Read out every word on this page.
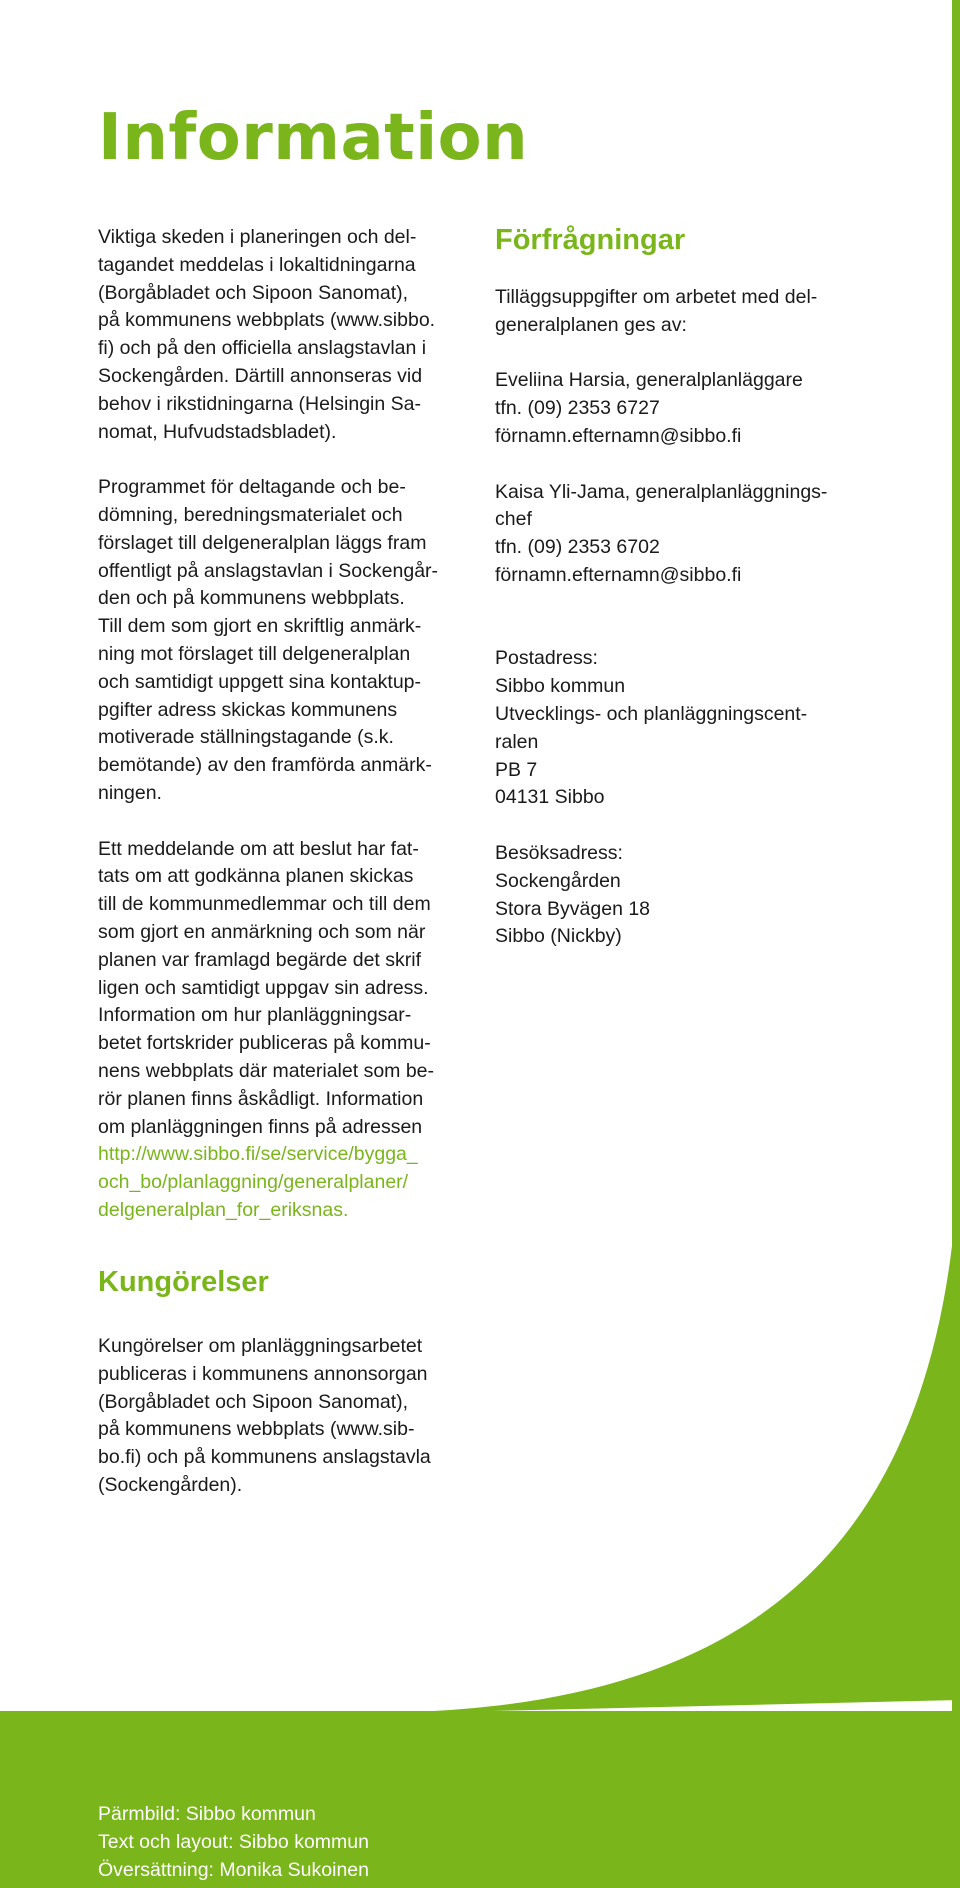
Information

Viktiga skeden i planeringen och del-

tagandet meddelas i lokaltidningarna

(Borgåbladet och Sipoon Sanomat),

på kommunens webbplats (www.sibbo.

fi) och på den officiella anslagstavlan i

Sockengården. Därtill annonseras vid

behov i rikstidningarna (Helsingin Sa-

nomat, Hufvudstadsbladet).

Programmet för deltagande och be-

dömning, beredningsmaterialet och

förslaget till delgeneralplan läggs fram

offentligt på anslagstavlan i Sockengår-

den och på kommunens webbplats.

Till dem som gjort en skriftlig anmärk-

ning mot förslaget till delgeneralplan

och samtidigt uppgett sina kontaktup-

pgifter adress skickas kommunens

motiverade ställningstagande (s.k.

bemötande) av den framförda anmärk-

ningen.

Ett meddelande om att beslut har fat-

tats om att godkänna planen skickas

till de kommunmedlemmar och till dem

som gjort en anmärkning och som när

planen var framlagd begärde det skrif

ligen och samtidigt uppgav sin adress.

Information om hur planläggningsar-

betet fortskrider publiceras på kommu-

nens webbplats där materialet som be-

rör planen finns åskådligt. Information

om planläggningen finns på adressen

http://www.sibbo.fi/se/service/bygga_

och_bo/planlaggning/generalplaner/

delgeneralplan_for_eriksnas.

Kungörelser

Kungörelser om planläggningsarbetet

publiceras i kommunens annonsorgan

(Borgåbladet och Sipoon Sanomat),

på kommunens webbplats (www.sib-

bo.fi) och på kommunens anslagstavla

(Sockengården).

Förfrågningar

Tilläggsuppgifter om arbetet med del-

generalplanen ges av:

Eveliina Harsia, generalplanläggare

tfn. (09) 2353 6727

förnamn.efternamn@sibbo.fi

Kaisa Yli-Jama, generalplanläggnings-

chef

tfn. (09) 2353 6702

förnamn.efternamn@sibbo.fi

Postadress:

Sibbo kommun

Utvecklings- och planläggningscent-

ralen

PB 7

04131 Sibbo

Besöksadress:

Sockengården

Stora Byvägen 18

Sibbo (Nickby)

Pärmbild: Sibbo kommun

Text och layout: Sibbo kommun

Översättning: Monika Sukoinen
